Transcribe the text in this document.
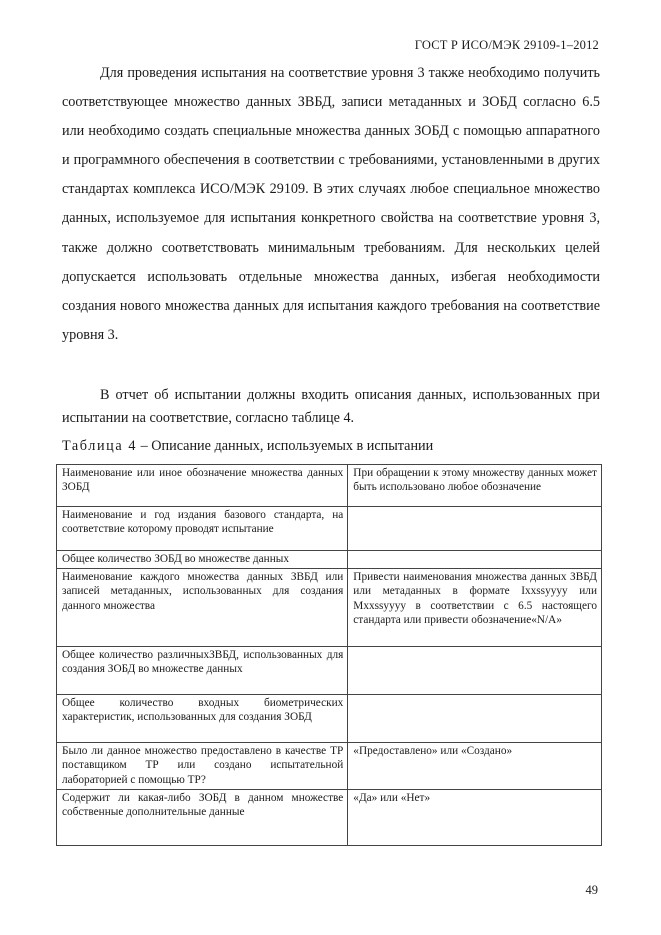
ГОСТ Р ИСО/МЭК 29109-1–2012
Для проведения испытания на соответствие уровня 3 также необходимо получить соответствующее множество данных ЗВБД, записи метаданных и ЗОБД согласно 6.5 или необходимо создать специальные множества данных ЗОБД с помощью аппаратного и программного обеспечения в соответствии с требованиями, установленными в других стандартах комплекса ИСО/МЭК 29109. В этих случаях любое специальное множество данных, используемое для испытания конкретного свойства на соответствие уровня 3, также должно соответствовать минимальным требованиям. Для нескольких целей допускается использовать отдельные множества данных, избегая необходимости создания нового множества данных для испытания каждого требования на соответствие уровня 3.
В отчет об испытании должны входить описания данных, использованных при испытании на соответствие, согласно таблице 4.
Таблица 4 – Описание данных, используемых в испытании
Наименование или иное обозначение множества данных ЗОБД	При обращении к этому множеству данных может быть использовано любое обозначение
Наименование и год издания базового стандарта, на соответствие которому проводят испытание	
Общее количество ЗОБД во множестве данных	
Наименование каждого множества данных ЗВБД или записей метаданных, использованных для создания данного множества	Привести наименования множества данных ЗВБД или метаданных в формате Ixxssyyyy или Mxxssyyyy в соответствии с 6.5 настоящего стандарта или привести обозначение«N/A»
Общее количество различныхЗВБД, использованных для создания ЗОБД во множестве данных	
Общее количество входных биометрических характеристик, использованных для создания ЗОБД	
Было ли данное множество предоставлено в качестве ТР поставщиком ТР или создано испытательной лабораторией с помощью ТР?	«Предоставлено» или «Создано»
Содержит ли какая-либо ЗОБД в данном множестве собственные дополнительные данные	«Да» или «Нет»
49
